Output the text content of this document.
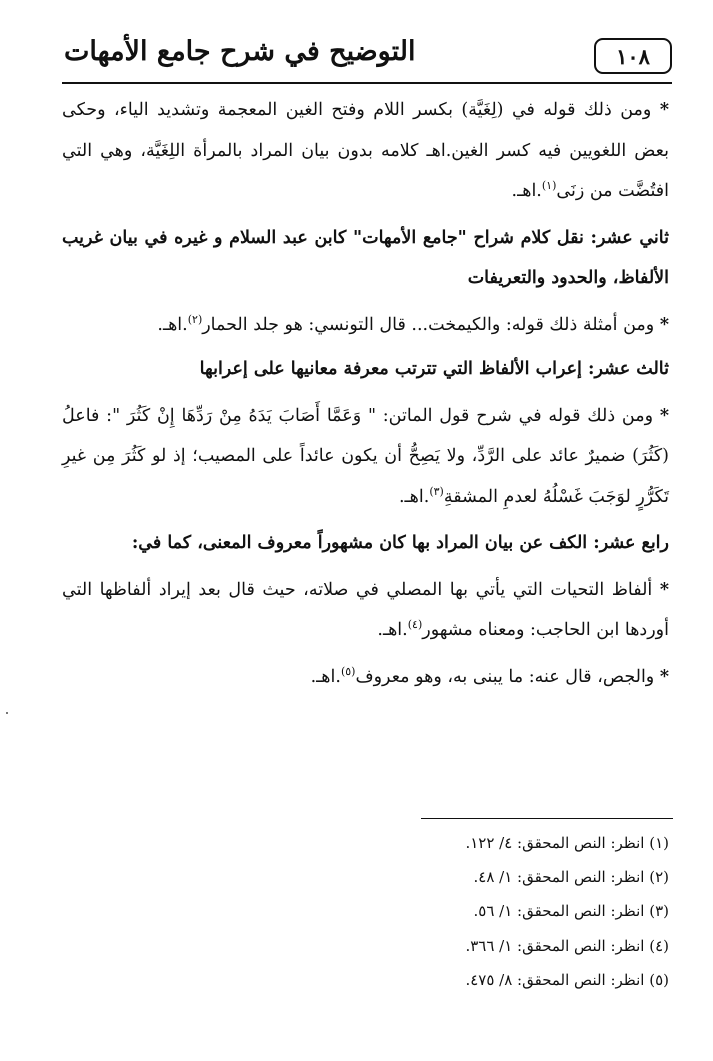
١٠٨
التوضيح في شرح جامع الأمهات

* ومن ذلك قوله في (لِغَيَّة) بكسر اللام وفتح الغين المعجمة وتشديد الياء، وحكى بعض اللغويين فيه كسر الغين.اهـ كلامه بدون بيان المراد بالمرأة اللِغَيَّة، وهي التي افتُضَّت من زنَى$^{(١)}$.اهـ.

ثاني عشر: نقل كلام شراح "جامع الأمهات" كابن عبد السلام و غيره في بيان غريب الألفاظ، والحدود والتعريفات

* ومن أمثلة ذلك قوله: والكيمخت... قال التونسي: هو جلد الحمار$^{(٢)}$.اهـ.

ثالث عشر: إعراب الألفاظ التي تترتب معرفة معانيها على إعرابها

* ومن ذلك قوله في شرح قول الماتن: " وَعَمَّا أَصَابَ يَدَهُ مِنْ رَدِّهَا إِنْ كَثُرَ ": فاعلُ (كَثُرَ) ضميرٌ عائد على الرَّدِّ، ولا يَصِحُّ أن يكون عائداً على المصيب؛ إذ لو كَثُرَ مِن غيرِ تَكَرُّرٍ لوَجَبَ غَسْلُهُ لعدمِ المشقةِ$^{(٣)}$.اهـ.

رابع عشر: الكف عن بيان المراد بها كان مشهوراً معروف المعنى، كما في:

* ألفاظ التحيات التي يأتي بها المصلي في صلاته، حيث قال بعد إيراد ألفاظها التي أوردها ابن الحاجب: ومعناه مشهور$^{(٤)}$.اهـ.

* والجص، قال عنه: ما يبنى به، وهو معروف$^{(٥)}$.اهـ.

(١) انظر: النص المحقق: ٤/ ١٢٢.
(٢) انظر: النص المحقق: ١/ ٤٨.
(٣) انظر: النص المحقق: ١/ ٥٦.
(٤) انظر: النص المحقق: ١/ ٣٦٦.
(٥) انظر: النص المحقق: ٨/ ٤٧٥.
